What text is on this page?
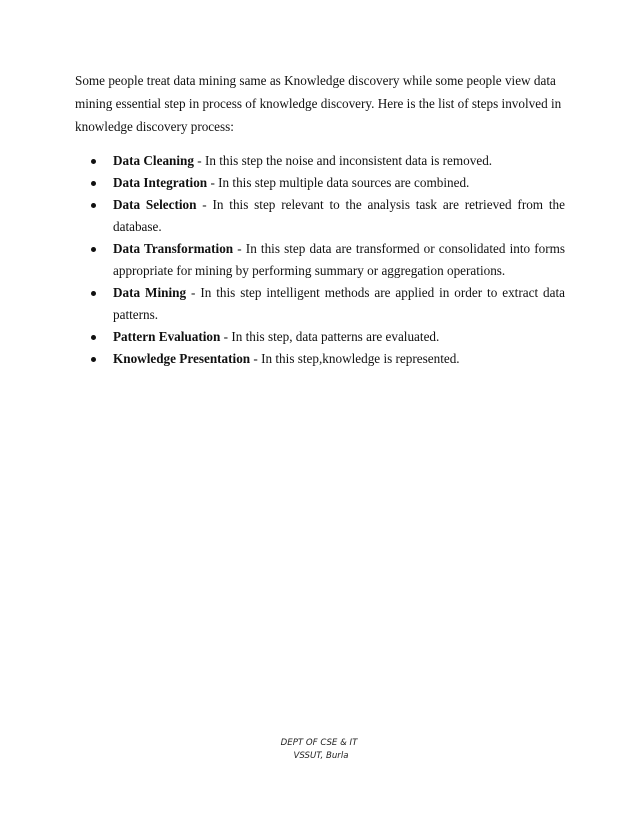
Some people treat data mining same as Knowledge discovery while some people view data mining essential step in process of knowledge discovery. Here is the list of steps involved in knowledge discovery process:

Data Cleaning - In this step the noise and inconsistent data is removed.
Data Integration - In this step multiple data sources are combined.
Data Selection - In this step relevant to the analysis task are retrieved from the database.
Data Transformation - In this step data are transformed or consolidated into forms appropriate for mining by performing summary or aggregation operations.
Data Mining - In this step intelligent methods are applied in order to extract data patterns.
Pattern Evaluation - In this step, data patterns are evaluated.
Knowledge Presentation - In this step,knowledge is represented.
DEPT OF CSE & IT
VSSUT, Burla
